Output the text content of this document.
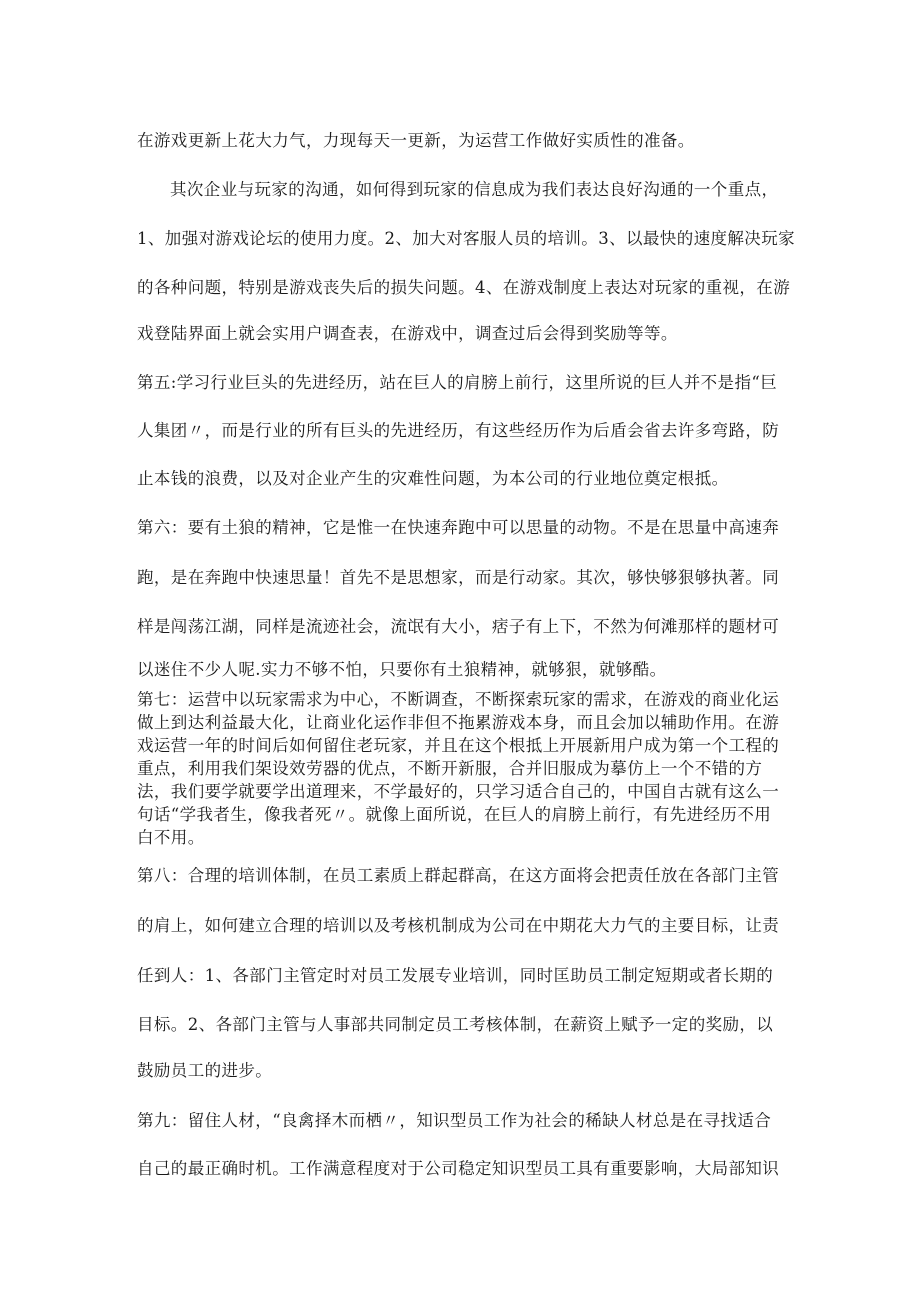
在游戏更新上花大力气，力现每天一更新，为运营工作做好实质性的准备。
其次企业与玩家的沟通，如何得到玩家的信息成为我们表达良好沟通的一个重点，
1、加强对游戏论坛的使用力度。2、加大对客服人员的培训。3、以最快的速度解决玩家
的各种问题，特别是游戏丧失后的损失问题。4、在游戏制度上表达对玩家的重视，在游
戏登陆界面上就会实用户调查表，在游戏中，调查过后会得到奖励等等。
第五:学习行业巨头的先进经历，站在巨人的肩膀上前行，这里所说的巨人并不是指“巨
人集团〃，而是行业的所有巨头的先进经历，有这些经历作为后盾会省去许多弯路，防
止本钱的浪费，以及对企业产生的灾难性问题，为本公司的行业地位奠定根抵。
第六：要有土狼的精神，它是惟一在快速奔跑中可以思量的动物。不是在思量中高速奔
跑，是在奔跑中快速思量！首先不是思想家，而是行动家。其次，够快够狠够执著。同
样是闯荡江湖，同样是流迹社会，流氓有大小，痞子有上下，不然为何滩那样的题材可
以迷住不少人呢.实力不够不怕，只要你有土狼精神，就够狠，就够酷。
第七：运营中以玩家需求为中心，不断调查，不断探索玩家的需求，在游戏的商业化运
做上到达利益最大化，让商业化运作非但不拖累游戏本身，而且会加以辅助作用。在游
戏运营一年的时间后如何留住老玩家，并且在这个根抵上开展新用户成为第一个工程的
重点，利用我们架设效劳器的优点，不断开新服，合并旧服成为摹仿上一个不错的方
法，我们要学就要学出道理来，不学最好的，只学习适合自己的，中国自古就有这么一
句话“学我者生，像我者死〃。就像上面所说，在巨人的肩膀上前行，有先进经历不用
白不用。
第八：合理的培训体制，在员工素质上群起群高，在这方面将会把责任放在各部门主管
的肩上，如何建立合理的培训以及考核机制成为公司在中期花大力气的主要目标，让责
任到人：1、各部门主管定时对员工发展专业培训，同时匡助员工制定短期或者长期的
目标。2、各部门主管与人事部共同制定员工考核体制，在薪资上赋予一定的奖励，以
鼓励员工的进步。
第九：留住人材，“良禽择木而栖〃，知识型员工作为社会的稀缺人材总是在寻找适合
自己的最正确时机。工作满意程度对于公司稳定知识型员工具有重要影响，大局部知识
